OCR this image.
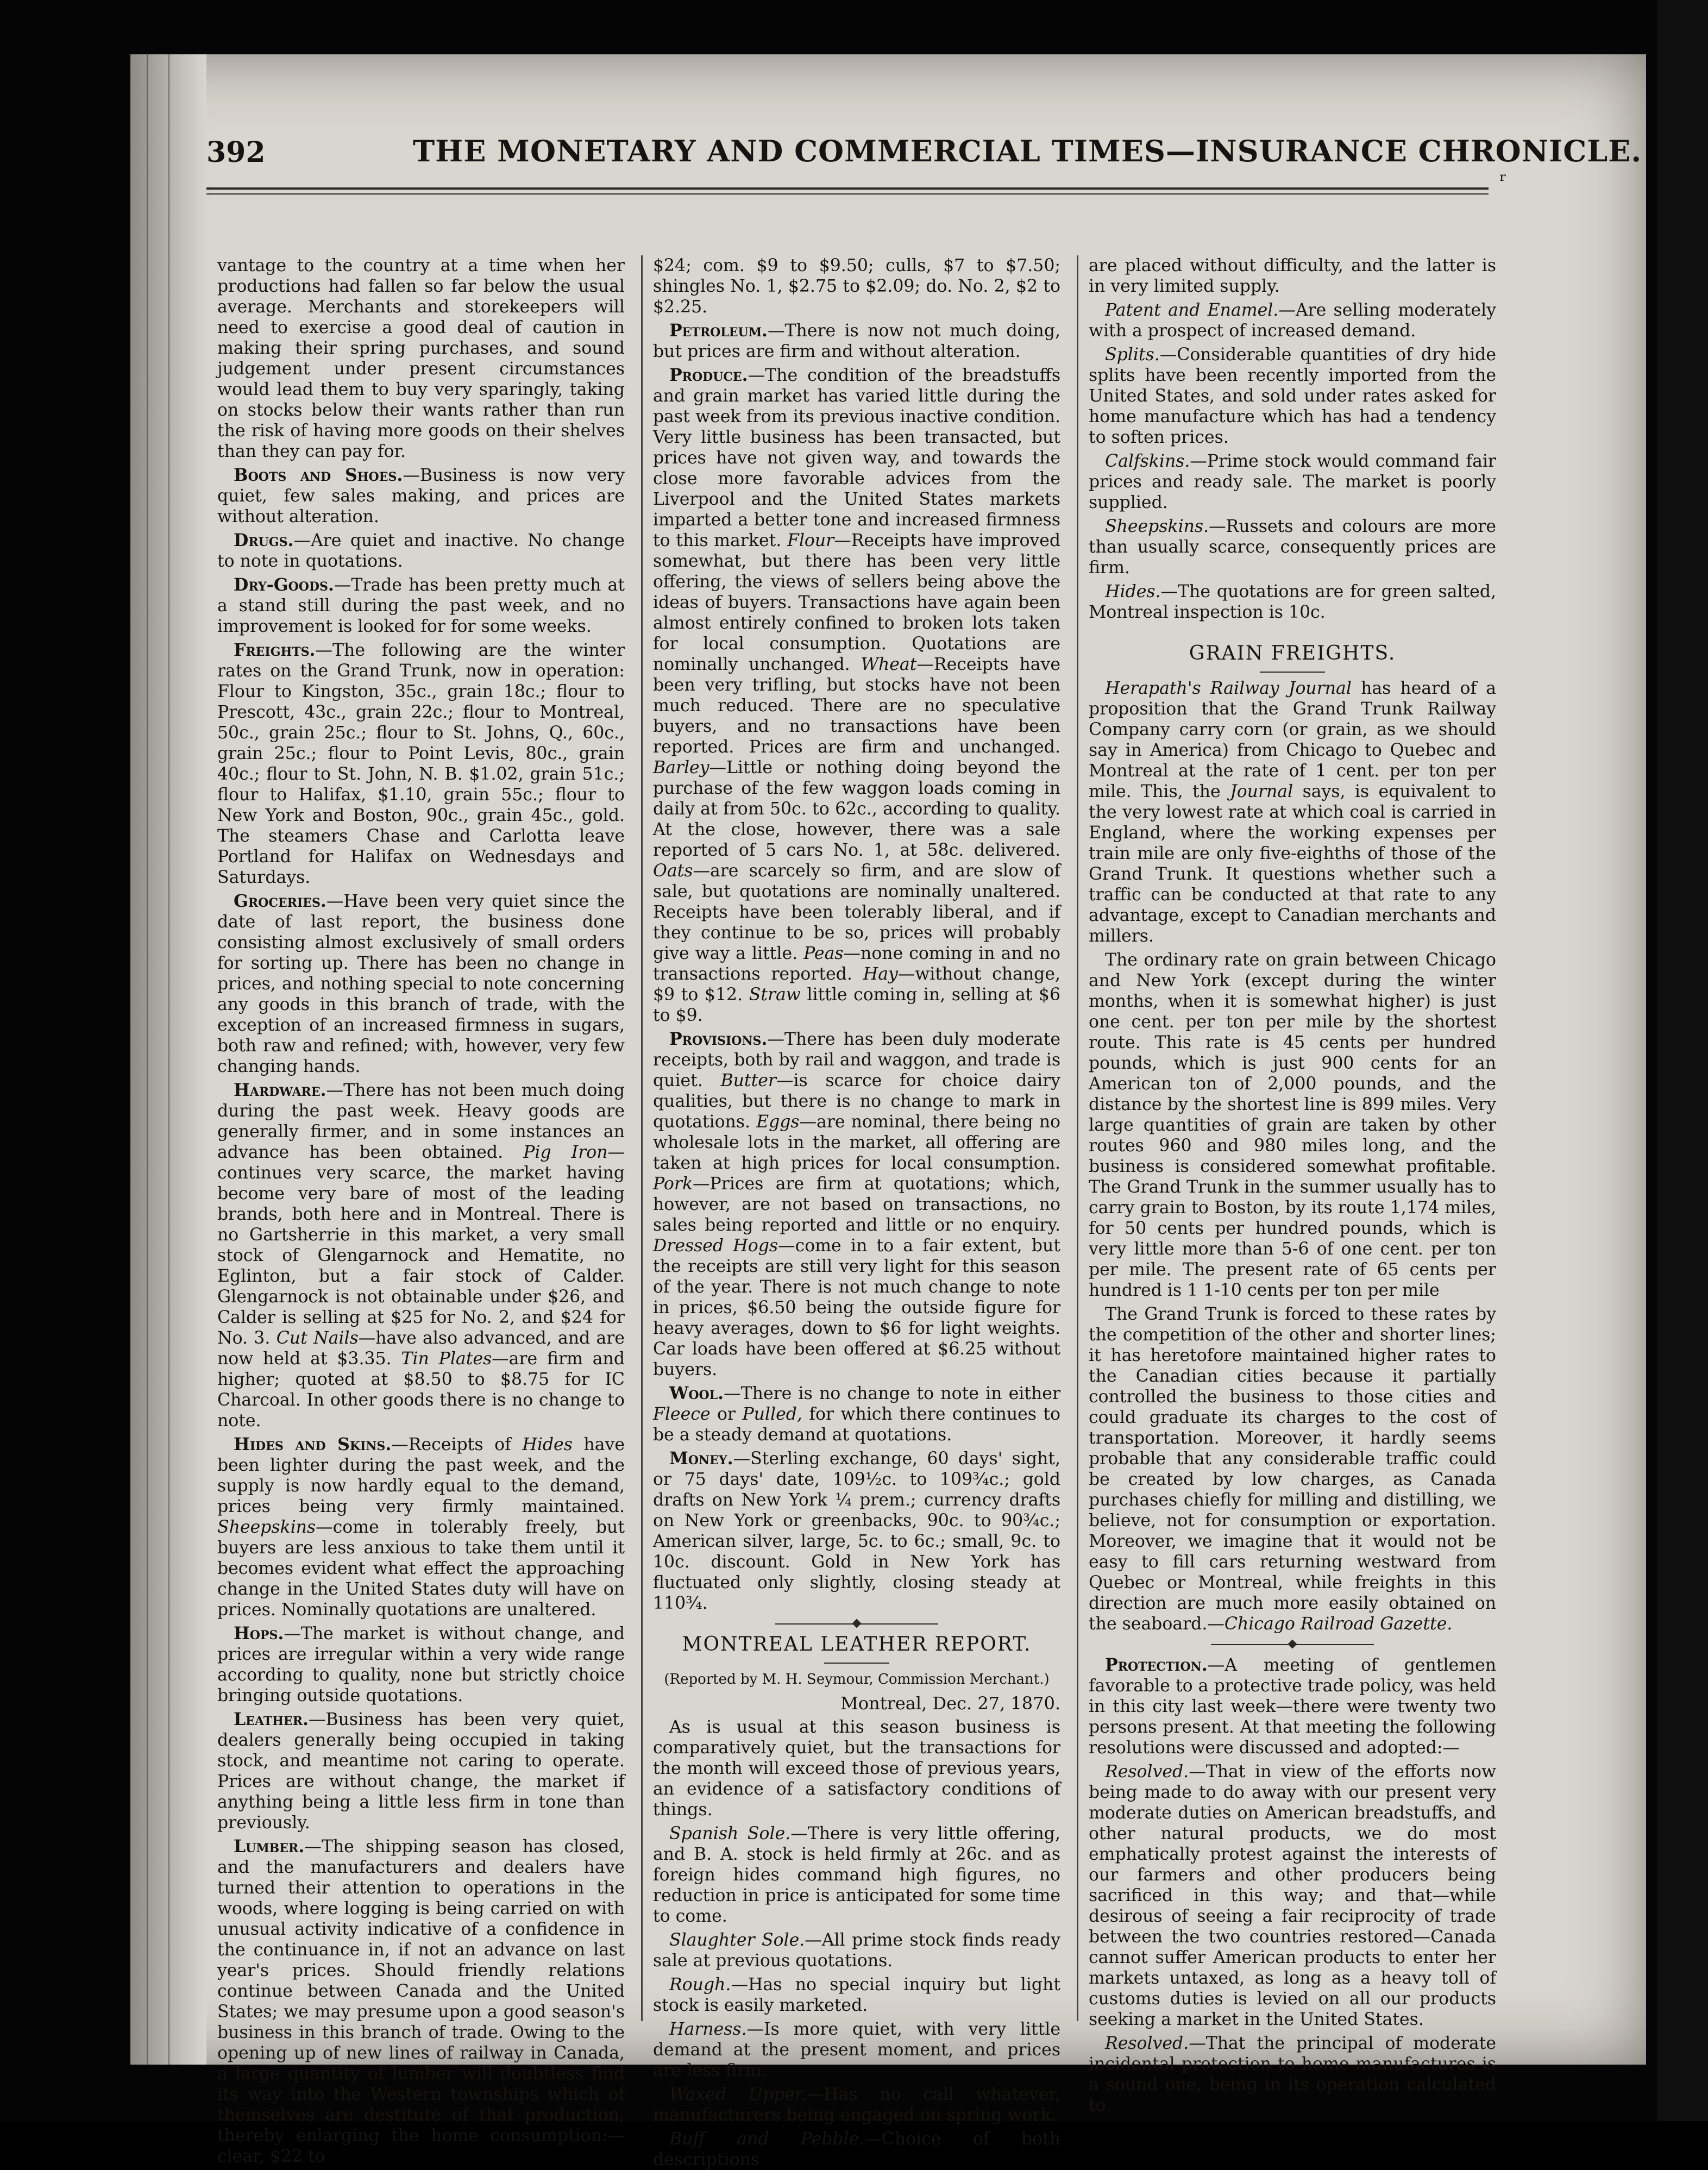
392	THE MONETARY AND COMMERCIAL TIMES—INSURANCE CHRONICLE.
ʳ

vantage to the country at a time when her productions had fallen so far below the usual average. Merchants and storekeepers will need to exercise a good deal of caution in making their spring purchases, and sound judgement under present circumstances would lead them to buy very sparingly, taking on stocks below their wants rather than run the risk of having more goods on their shelves than they can pay for.

Boots and Shoes.—Business is now very quiet, few sales making, and prices are without alteration.

Drugs.—Are quiet and inactive. No change to note in quotations.

Dry-Goods.—Trade has been pretty much at a stand still during the past week, and no improvement is looked for for some weeks.

Freights.—The following are the winter rates on the Grand Trunk, now in operation: Flour to Kingston, 35c., grain 18c.; flour to Prescott, 43c., grain 22c.; flour to Montreal, 50c., grain 25c.; flour to St. Johns, Q., 60c., grain 25c.; flour to Point Levis, 80c., grain 40c.; flour to St. John, N. B. $1.02, grain 51c.; flour to Halifax, $1.10, grain 55c.; flour to New York and Boston, 90c., grain 45c., gold. The steamers Chase and Carlotta leave Portland for Halifax on Wednesdays and Saturdays.

Groceries.—Have been very quiet since the date of last report, the business done consisting almost exclusively of small orders for sorting up. There has been no change in prices, and nothing special to note concerning any goods in this branch of trade, with the exception of an increased firmness in sugars, both raw and refined; with, however, very few changing hands.

Hardware.—There has not been much doing during the past week. Heavy goods are generally firmer, and in some instances an advance has been obtained. Pig Iron—continues very scarce, the market having become very bare of most of the leading brands, both here and in Montreal. There is no Gartsherrie in this market, a very small stock of Glengarnock and Hematite, no Eglinton, but a fair stock of Calder. Glengarnock is not obtainable under $26, and Calder is selling at $25 for No. 2, and $24 for No. 3. Cut Nails—have also advanced, and are now held at $3.35. Tin Plates—are firm and higher; quoted at $8.50 to $8.75 for IC Charcoal. In other goods there is no change to note.

Hides and Skins.—Receipts of Hides have been lighter during the past week, and the supply is now hardly equal to the demand, prices being very firmly maintained. Sheepskins—come in tolerably freely, but buyers are less anxious to take them until it becomes evident what effect the approaching change in the United States duty will have on prices. Nominally quotations are unaltered.

Hops.—The market is without change, and prices are irregular within a very wide range according to quality, none but strictly choice bringing outside quotations.

Leather.—Business has been very quiet, dealers generally being occupied in taking stock, and meantime not caring to operate. Prices are without change, the market if anything being a little less firm in tone than previously.

Lumber.—The shipping season has closed, and the manufacturers and dealers have turned their attention to operations in the woods, where logging is being carried on with unusual activity indicative of a confidence in the continuance in, if not an advance on last year's prices. Should friendly relations continue between Canada and the United States; we may presume upon a good season's business in this branch of trade. Owing to the opening up of new lines of railway in Canada, a large quantity of lumber will doubtless find its way into the Western townships which of themselves are destitute of that production, thereby enlarging the home consumption:—clear, $22 to

$24; com. $9 to $9.50; culls, $7 to $7.50; shingles No. 1, $2.75 to $2.09; do. No. 2, $2 to $2.25.

Petroleum.—There is now not much doing, but prices are firm and without alteration.

Produce.—The condition of the breadstuffs and grain market has varied little during the past week from its previous inactive condition. Very little business has been transacted, but prices have not given way, and towards the close more favorable advices from the Liverpool and the United States markets imparted a better tone and increased firmness to this market. Flour—Receipts have improved somewhat, but there has been very little offering, the views of sellers being above the ideas of buyers. Transactions have again been almost entirely confined to broken lots taken for local consumption. Quotations are nominally unchanged. Wheat—Receipts have been very trifling, but stocks have not been much reduced. There are no speculative buyers, and no transactions have been reported. Prices are firm and unchanged. Barley—Little or nothing doing beyond the purchase of the few waggon loads coming in daily at from 50c. to 62c., according to quality. At the close, however, there was a sale reported of 5 cars No. 1, at 58c. delivered. Oats—are scarcely so firm, and are slow of sale, but quotations are nominally unaltered. Receipts have been tolerably liberal, and if they continue to be so, prices will probably give way a little. Peas—none coming in and no transactions reported. Hay—without change, $9 to $12. Straw little coming in, selling at $6 to $9.

Provisions.—There has been duly moderate receipts, both by rail and waggon, and trade is quiet. Butter—is scarce for choice dairy qualities, but there is no change to mark in quotations. Eggs—are nominal, there being no wholesale lots in the market, all offering are taken at high prices for local consumption. Pork—Prices are firm at quotations; which, however, are not based on transactions, no sales being reported and little or no enquiry. Dressed Hogs—come in to a fair extent, but the receipts are still very light for this season of the year. There is not much change to note in prices, $6.50 being the outside figure for heavy averages, down to $6 for light weights. Car loads have been offered at $6.25 without buyers.

Wool.—There is no change to note in either Fleece or Pulled, for which there continues to be a steady demand at quotations.

Money.—Sterling exchange, 60 days' sight, or 75 days' date, 109½c. to 109¾c.; gold drafts on New York ¼ prem.; currency drafts on New York or greenbacks, 90c. to 90¾c.; American silver, large, 5c. to 6c.; small, 9c. to 10c. discount. Gold in New York has fluctuated only slightly, closing steady at 110¾.

MONTREAL LEATHER REPORT.

(Reported by M. H. Seymour, Commission Merchant.)

Montreal, Dec. 27, 1870.

As is usual at this season business is comparatively quiet, but the transactions for the month will exceed those of previous years, an evidence of a satisfactory conditions of things.

Spanish Sole.—There is very little offering, and B. A. stock is held firmly at 26c. and as foreign hides command high figures, no reduction in price is anticipated for some time to come.

Slaughter Sole.—All prime stock finds ready sale at previous quotations.

Rough.—Has no special inquiry but light stock is easily marketed.

Harness.—Is more quiet, with very little demand at the present moment, and prices are less firm.

Waxed Upper.—Has no call whatever, manufacturers being engaged on spring work.

Buff and Pebble.—Choice of both descriptions

are placed without difficulty, and the latter is in very limited supply.

Patent and Enamel.—Are selling moderately with a prospect of increased demand.

Splits.—Considerable quantities of dry hide splits have been recently imported from the United States, and sold under rates asked for home manufacture which has had a tendency to soften prices.

Calfskins.—Prime stock would command fair prices and ready sale. The market is poorly supplied.

Sheepskins.—Russets and colours are more than usually scarce, consequently prices are firm.

Hides.—The quotations are for green salted, Montreal inspection is 10c.

GRAIN FREIGHTS.

Herapath's Railway Journal has heard of a proposition that the Grand Trunk Railway Company carry corn (or grain, as we should say in America) from Chicago to Quebec and Montreal at the rate of 1 cent. per ton per mile. This, the Journal says, is equivalent to the very lowest rate at which coal is carried in England, where the working expenses per train mile are only five-eighths of those of the Grand Trunk. It questions whether such a traffic can be conducted at that rate to any advantage, except to Canadian merchants and millers.

The ordinary rate on grain between Chicago and New York (except during the winter months, when it is somewhat higher) is just one cent. per ton per mile by the shortest route. This rate is 45 cents per hundred pounds, which is just 900 cents for an American ton of 2,000 pounds, and the distance by the shortest line is 899 miles. Very large quantities of grain are taken by other routes 960 and 980 miles long, and the business is considered somewhat profitable. The Grand Trunk in the summer usually has to carry grain to Boston, by its route 1,174 miles, for 50 cents per hundred pounds, which is very little more than 5-6 of one cent. per ton per mile. The present rate of 65 cents per hundred is 1 1-10 cents per ton per mile

The Grand Trunk is forced to these rates by the competition of the other and shorter lines; it has heretofore maintained higher rates to the Canadian cities because it partially controlled the business to those cities and could graduate its charges to the cost of transportation. Moreover, it hardly seems probable that any considerable traffic could be created by low charges, as Canada purchases chiefly for milling and distilling, we believe, not for consumption or exportation. Moreover, we imagine that it would not be easy to fill cars returning westward from Quebec or Montreal, while freights in this direction are much more easily obtained on the seaboard.—Chicago Railroad Gazette.

Protection.—A meeting of gentlemen favorable to a protective trade policy, was held in this city last week—there were twenty two persons present. At that meeting the following resolutions were discussed and adopted:—

Resolved.—That in view of the efforts now being made to do away with our present very moderate duties on American breadstuffs, and other natural products, we do most emphatically protest against the interests of our farmers and other producers being sacrificed in this way; and that—while desirous of seeing a fair reciprocity of trade between the two countries restored—Canada cannot suffer American products to enter her markets untaxed, as long as a heavy toll of customs duties is levied on all our products seeking a market in the United States.

Resolved.—That the principal of moderate incidental protection to home manufactures is a sound one, being in its operation calculated to
